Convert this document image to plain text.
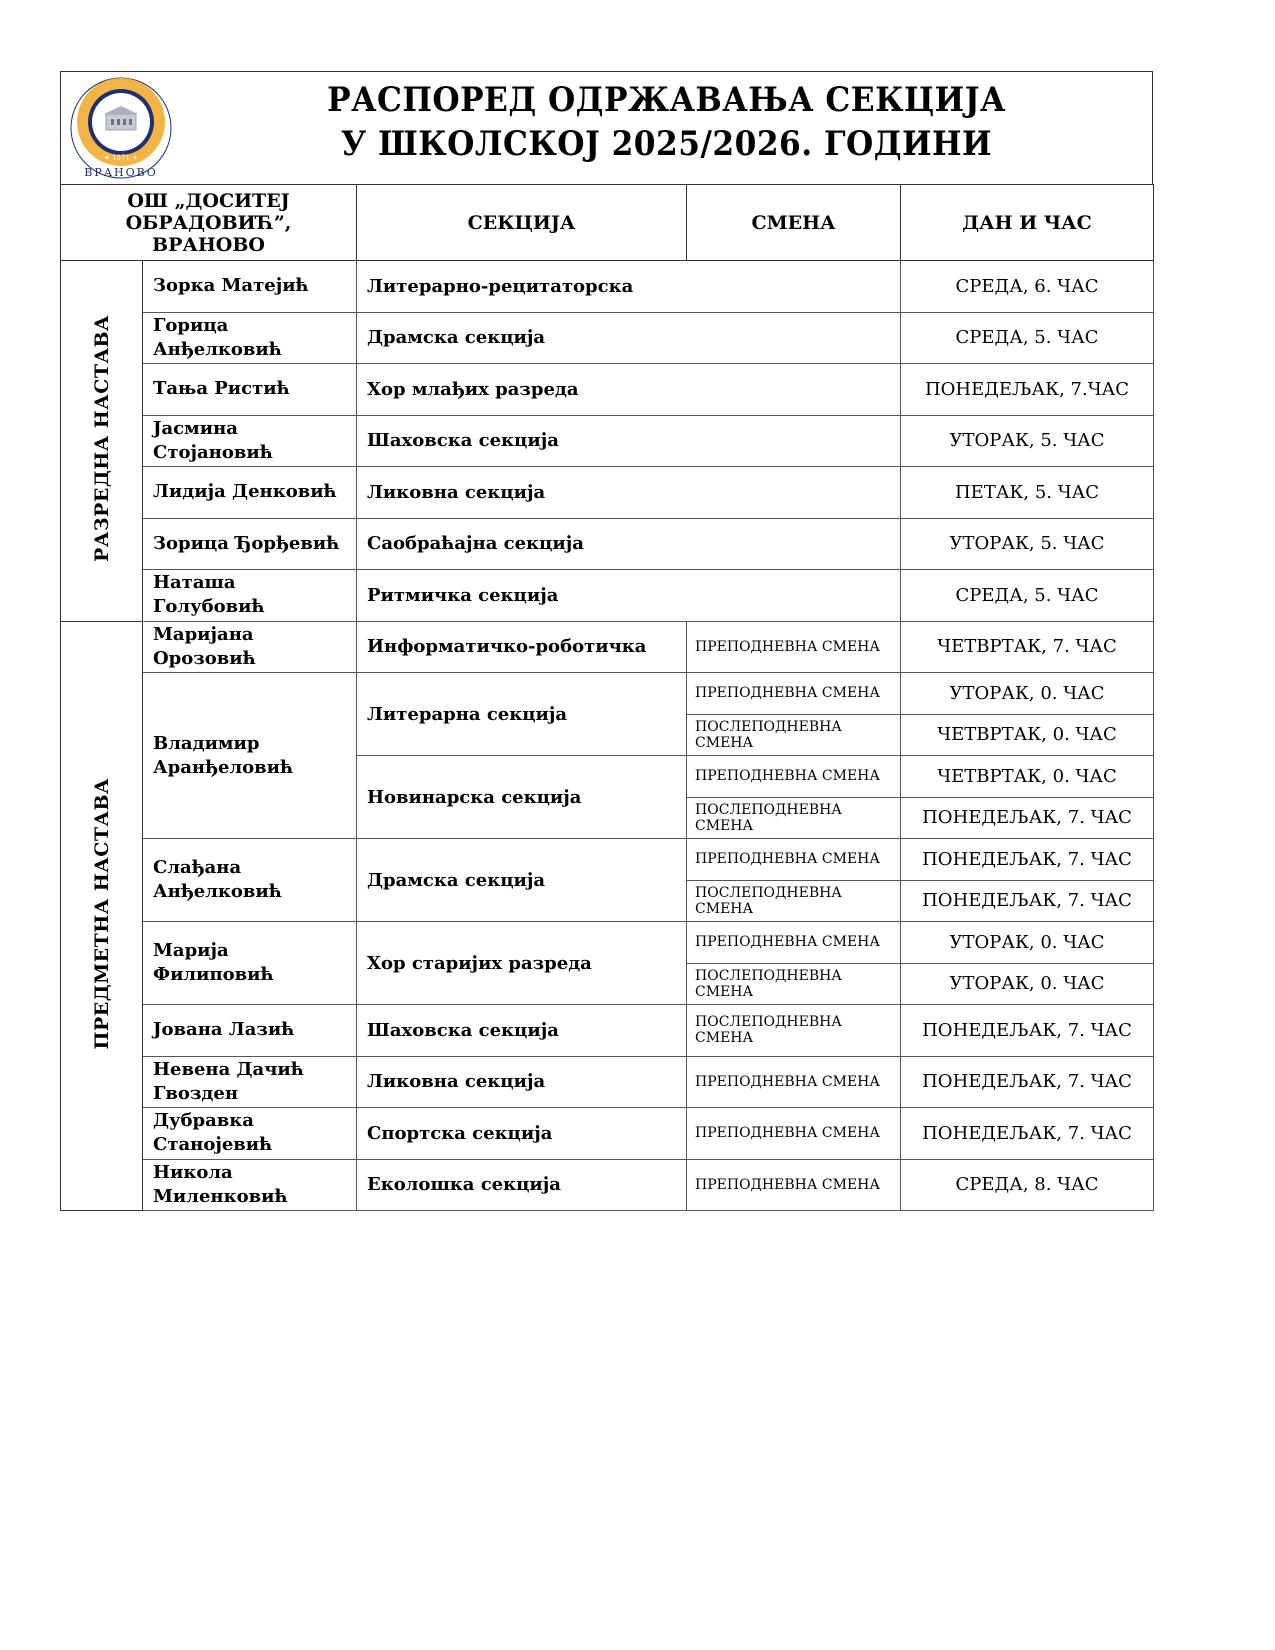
✦ 1871 ✦
ВРАНОВО
РАСПОРЕД ОДРЖАВАЊА СЕКЦИЈА
У ШКОЛСКОЈ 2025/2026. ГОДИНИ
ОШ „ДОСИТЕЈ ОБРАДОВИЋ”, ВРАНОВО		СЕКЦИЈА	СМЕНА	ДАН И ЧАС
РАЗРЕДНА НАСТАВА	Зорка Матејић	Литерарно-рецитаторска		СРЕДА, 6. ЧАС
	Горица Анђелковић	Драмска секција		СРЕДА, 5. ЧАС
	Тања Ристић	Хор млађих разреда		ПОНЕДЕЉАК, 7.ЧАС
	Јасмина Стојановић	Шаховска секција		УТОРАК, 5. ЧАС
	Лидија Денковић	Ликовна секција		ПЕТАК, 5. ЧАС
	Зорица Ђорђевић	Саобраћајна секција		УТОРАК, 5. ЧАС
	Наташа Голубовић	Ритмичка секција		СРЕДА, 5. ЧАС
ПРЕДМЕТНА НАСТАВА	Маријана Орозовић	Информатичко-роботичка	ПРЕПОДНЕВНА СМЕНА	ЧЕТВРТАК, 7. ЧАС
	Владимир Аранђеловић	Литерарна секција	ПРЕПОДНЕВНА СМЕНА	УТОРАК, 0. ЧАС
			ПОСЛЕПОДНЕВНА СМЕНА	ЧЕТВРТАК, 0. ЧАС
		Новинарска секција	ПРЕПОДНЕВНА СМЕНА	ЧЕТВРТАК, 0. ЧАС
			ПОСЛЕПОДНЕВНА СМЕНА	ПОНЕДЕЉАК, 7. ЧАС
	Слађана Анђелковић	Драмска секција	ПРЕПОДНЕВНА СМЕНА	ПОНЕДЕЉАК, 7. ЧАС
			ПОСЛЕПОДНЕВНА СМЕНА	ПОНЕДЕЉАК, 7. ЧАС
	Марија Филиповић	Хор старијих разреда	ПРЕПОДНЕВНА СМЕНА	УТОРАК, 0. ЧАС
			ПОСЛЕПОДНЕВНА СМЕНА	УТОРАК, 0. ЧАС
	Јована Лазић	Шаховска секција	ПОСЛЕПОДНЕВНА СМЕНА	ПОНЕДЕЉАК, 7. ЧАС
	Невена Дачић Гвозден	Ликовна секција	ПРЕПОДНЕВНА СМЕНА	ПОНЕДЕЉАК, 7. ЧАС
	Дубравка Станојевић	Спортска секција	ПРЕПОДНЕВНА СМЕНА	ПОНЕДЕЉАК, 7. ЧАС
	Никола Миленковић	Еколошка секција	ПРЕПОДНЕВНА СМЕНА	СРЕДА, 8. ЧАС
